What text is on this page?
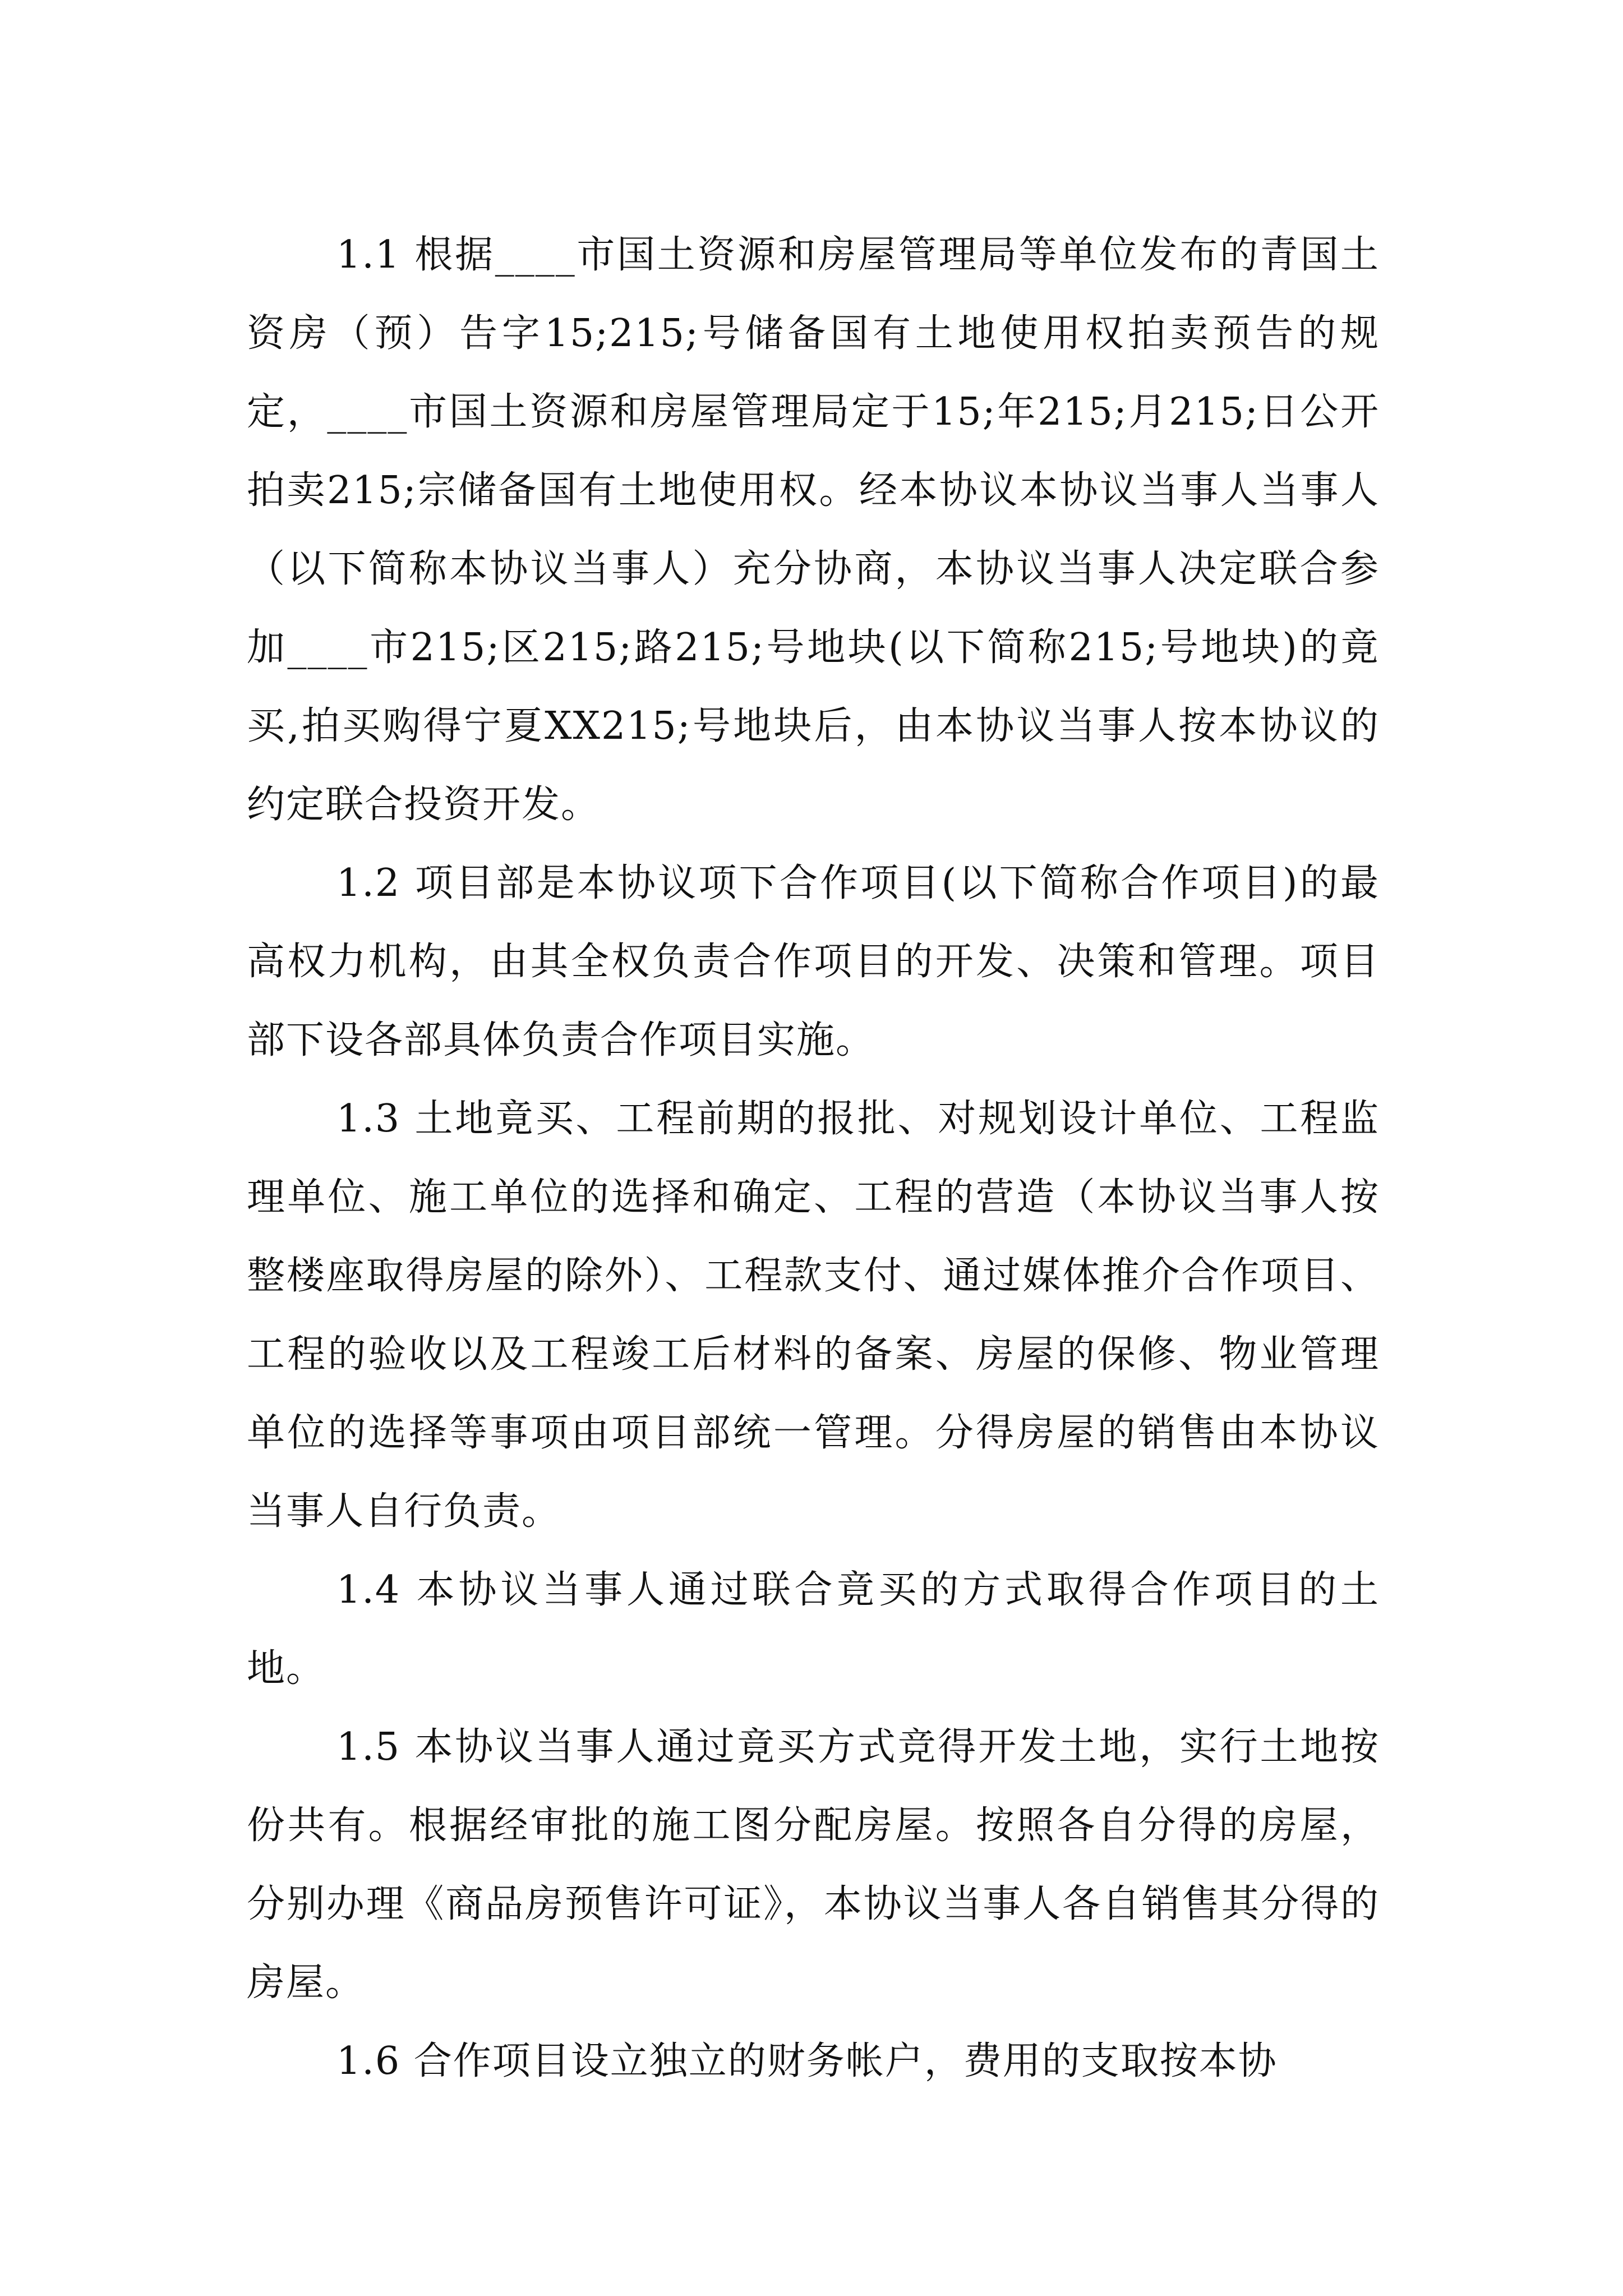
1.1 根据____市国土资源和房屋管理局等单位发布的青国土资房（预）告字15;215;号储备国有土地使用权拍卖预告的规定，____市国土资源和房屋管理局定于15;年215;月215;日公开拍卖215;宗储备国有土地使用权。经本协议本协议当事人当事人（以下简称本协议当事人）充分协商，本协议当事人决定联合参加____市215;区215;路215;号地块(以下简称215;号地块)的竟买,拍买购得宁夏XX215;号地块后，由本协议当事人按本协议的约定联合投资开发。

1.2 项目部是本协议项下合作项目(以下简称合作项目)的最高权力机构，由其全权负责合作项目的开发、决策和管理。项目部下设各部具体负责合作项目实施。

1.3 土地竟买、工程前期的报批、对规划设计单位、工程监理单位、施工单位的选择和确定、工程的营造（本协议当事人按整楼座取得房屋的除外）、工程款支付、通过媒体推介合作项目、工程的验收以及工程竣工后材料的备案、房屋的保修、物业管理单位的选择等事项由项目部统一管理。分得房屋的销售由本协议当事人自行负责。

1.4 本协议当事人通过联合竟买的方式取得合作项目的土地。

1.5 本协议当事人通过竟买方式竞得开发土地，实行土地按份共有。根据经审批的施工图分配房屋。按照各自分得的房屋，分别办理《商品房预售许可证》，本协议当事人各自销售其分得的房屋。

1.6 合作项目设立独立的财务帐户，费用的支取按本协
